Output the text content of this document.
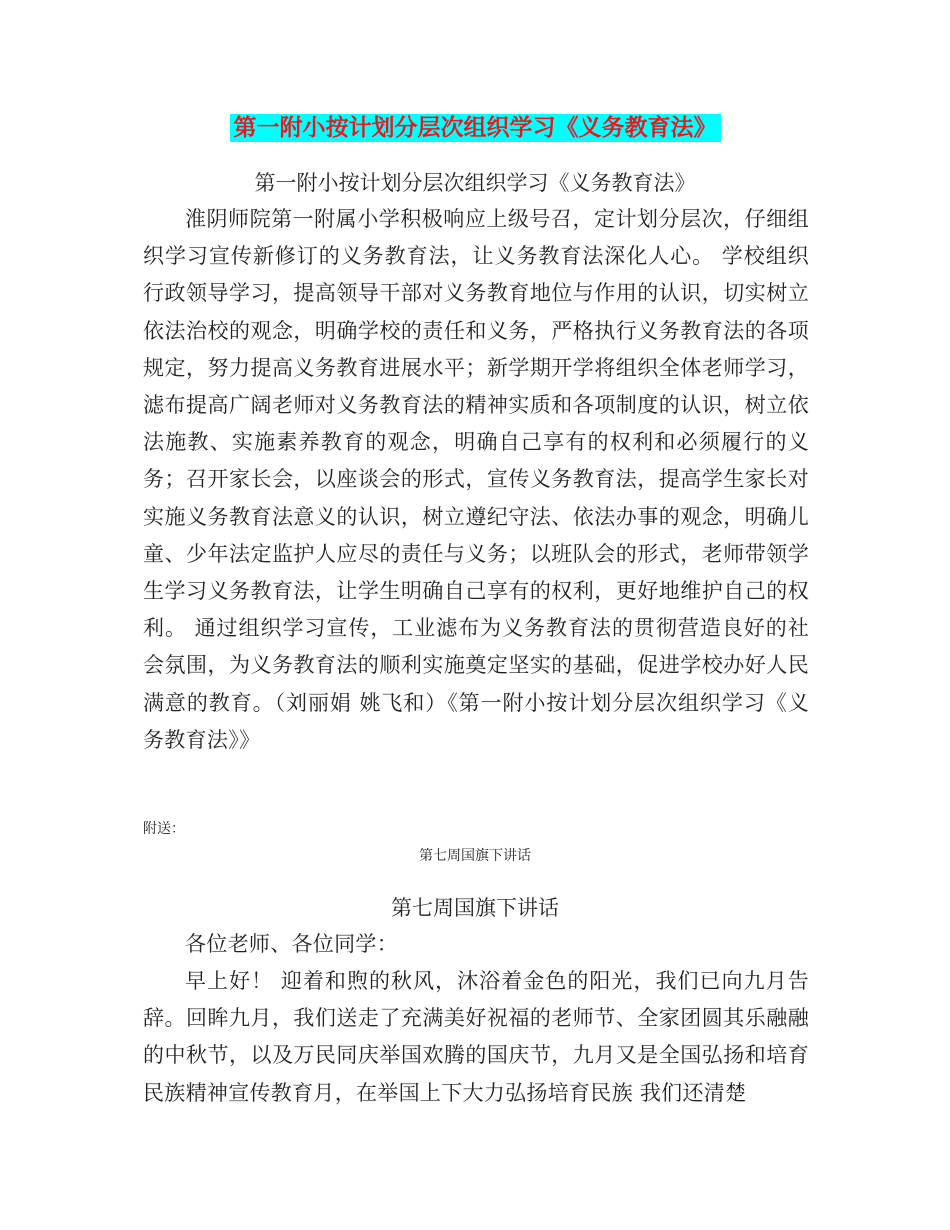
第一附小按计划分层次组织学习《义务教育法》
第一附小按计划分层次组织学习《义务教育法》
淮阴师院第一附属小学积极响应上级号召，定计划分层次，仔细组织学习宣传新修订的义务教育法，让义务教育法深化人心。 学校组织行政领导学习，提高领导干部对义务教育地位与作用的认识，切实树立依法治校的观念，明确学校的责任和义务，严格执行义务教育法的各项规定，努力提高义务教育进展水平；新学期开学将组织全体老师学习，滤布提高广阔老师对义务教育法的精神实质和各项制度的认识，树立依法施教、实施素养教育的观念，明确自己享有的权利和必须履行的义务；召开家长会，以座谈会的形式，宣传义务教育法，提高学生家长对实施义务教育法意义的认识，树立遵纪守法、依法办事的观念，明确儿童、少年法定监护人应尽的责任与义务；以班队会的形式，老师带领学生学习义务教育法，让学生明确自己享有的权利，更好地维护自己的权利。 通过组织学习宣传，工业滤布为义务教育法的贯彻营造良好的社会氛围，为义务教育法的顺利实施奠定坚实的基础，促进学校办好人民满意的教育。（刘丽娟 姚飞和）《第一附小按计划分层次组织学习《义务教育法》》
附送：
第七周国旗下讲话
第七周国旗下讲话
各位老师、各位同学：
早上好！ 迎着和煦的秋风，沐浴着金色的阳光，我们已向九月告辞。回眸九月，我们送走了充满美好祝福的老师节、全家团圆其乐融融的中秋节，以及万民同庆举国欢腾的国庆节，九月又是全国弘扬和培育民族精神宣传教育月，在举国上下大力弘扬培育民族 我们还清楚
